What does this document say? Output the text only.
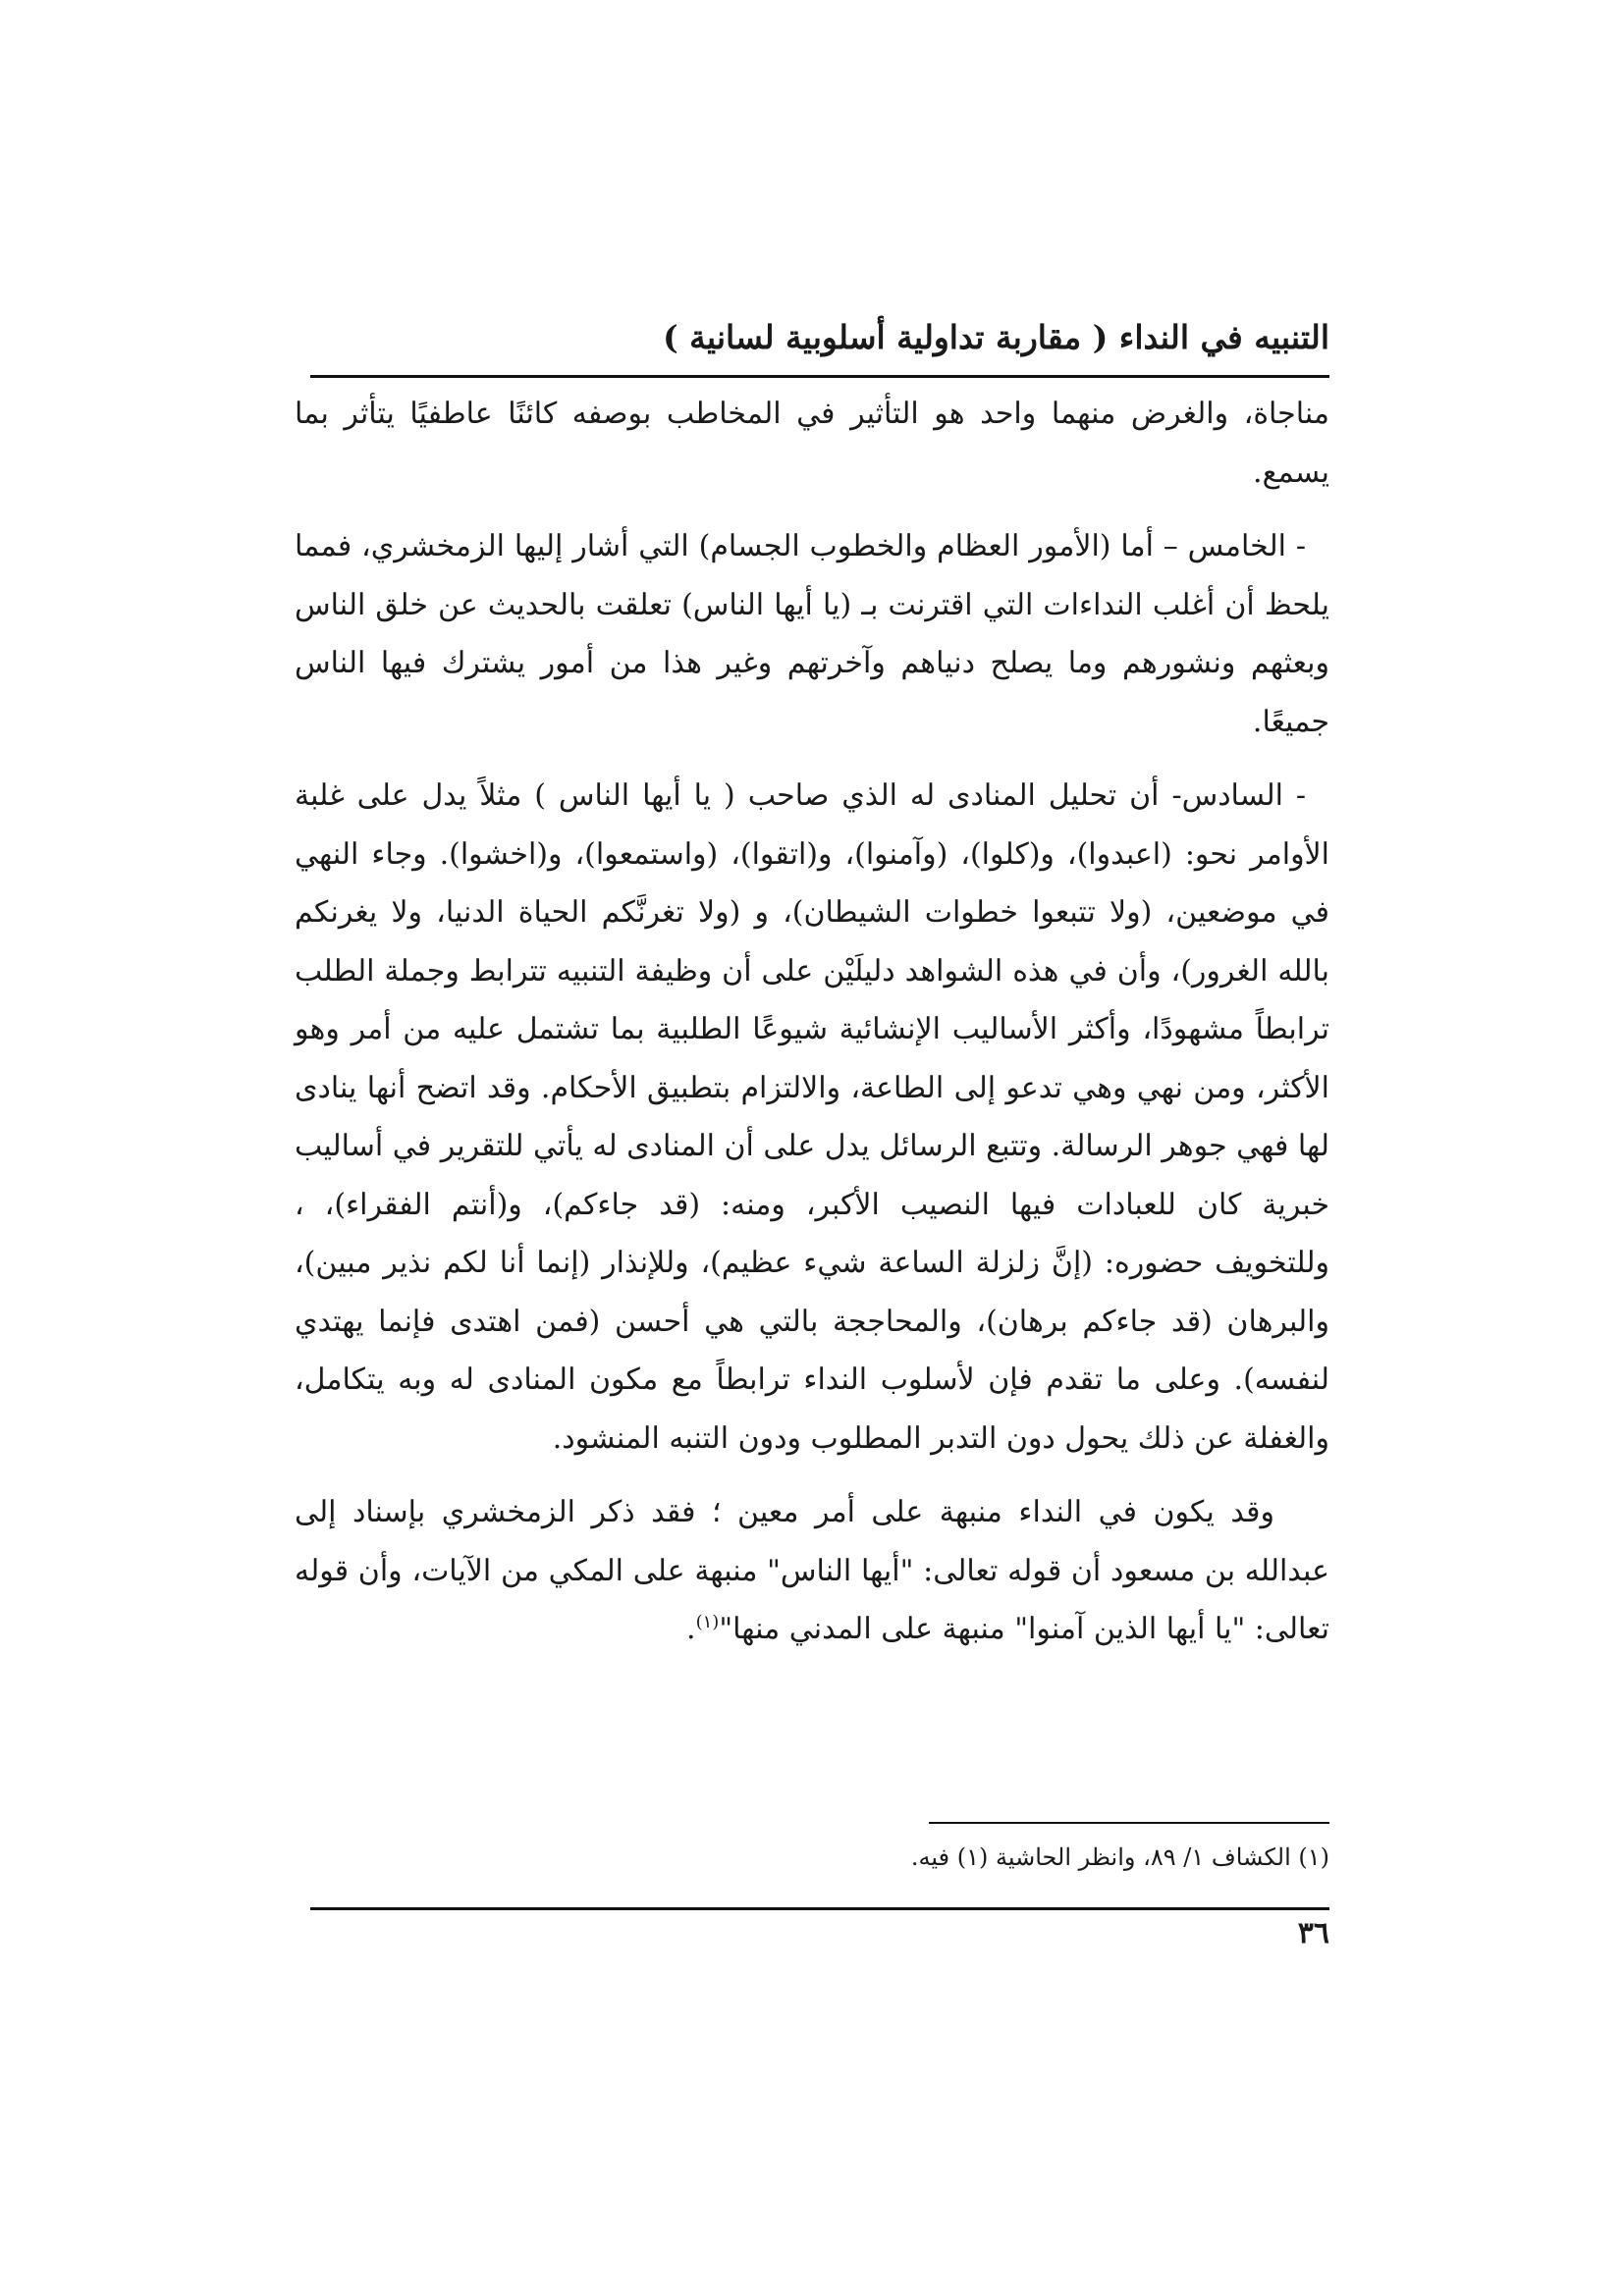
التنبيه في النداء ( مقاربة تداولية أسلوبية لسانية )

مناجاة، والغرض منهما واحد هو التأثير في المخاطب بوصفه كائنًا عاطفيًا يتأثر بما يسمع.

- الخامس – أما (الأمور العظام والخطوب الجسام) التي أشار إليها الزمخشري، فمما يلحظ أن أغلب النداءات التي اقترنت بـ (يا أيها الناس) تعلقت بالحديث عن خلق الناس وبعثهم ونشورهم وما يصلح دنياهم وآخرتهم وغير هذا من أمور يشترك فيها الناس جميعًا.

- السادس- أن تحليل المنادى له الذي صاحب ( يا أيها الناس ) مثلاً يدل على غلبة الأوامر نحو: (اعبدوا)، و(كلوا)، (وآمنوا)، و(اتقوا)، (واستمعوا)، و(اخشوا). وجاء النهي في موضعين، (ولا تتبعوا خطوات الشيطان)، و (ولا تغرنَّكم الحياة الدنيا، ولا يغرنكم بالله الغرور)، وأن في هذه الشواهد دليلَيْن على أن وظيفة التنبيه تترابط وجملة الطلب ترابطاً مشهودًا، وأكثر الأساليب الإنشائية شيوعًا الطلبية بما تشتمل عليه من أمر وهو الأكثر، ومن نهي وهي تدعو إلى الطاعة، والالتزام بتطبيق الأحكام. وقد اتضح أنها ينادى لها فهي جوهر الرسالة. وتتبع الرسائل يدل على أن المنادى له يأتي للتقرير في أساليب خبرية كان للعبادات فيها النصيب الأكبر، ومنه: (قد جاءكم)، و(أنتم الفقراء)، ، وللتخويف حضوره: (إنَّ زلزلة الساعة شيء عظيم)، وللإنذار (إنما أنا لكم نذير مبين)، والبرهان (قد جاءكم برهان)، والمحاججة بالتي هي أحسن (فمن اهتدى فإنما يهتدي لنفسه). وعلى ما تقدم فإن لأسلوب النداء ترابطاً مع مكون المنادى له وبه يتكامل، والغفلة عن ذلك يحول دون التدبر المطلوب ودون التنبه المنشود.

وقد يكون في النداء منبهة على أمر معين ؛ فقد ذكر الزمخشري بإسناد إلى عبدالله بن مسعود أن قوله تعالى: "أيها الناس" منبهة على المكي من الآيات، وأن قوله تعالى: "يا أيها الذين آمنوا" منبهة على المدني منها"$^{(١)}$.

(١) الكشاف ١/ ٨٩، وانظر الحاشية (١) فيه.
٣٦
